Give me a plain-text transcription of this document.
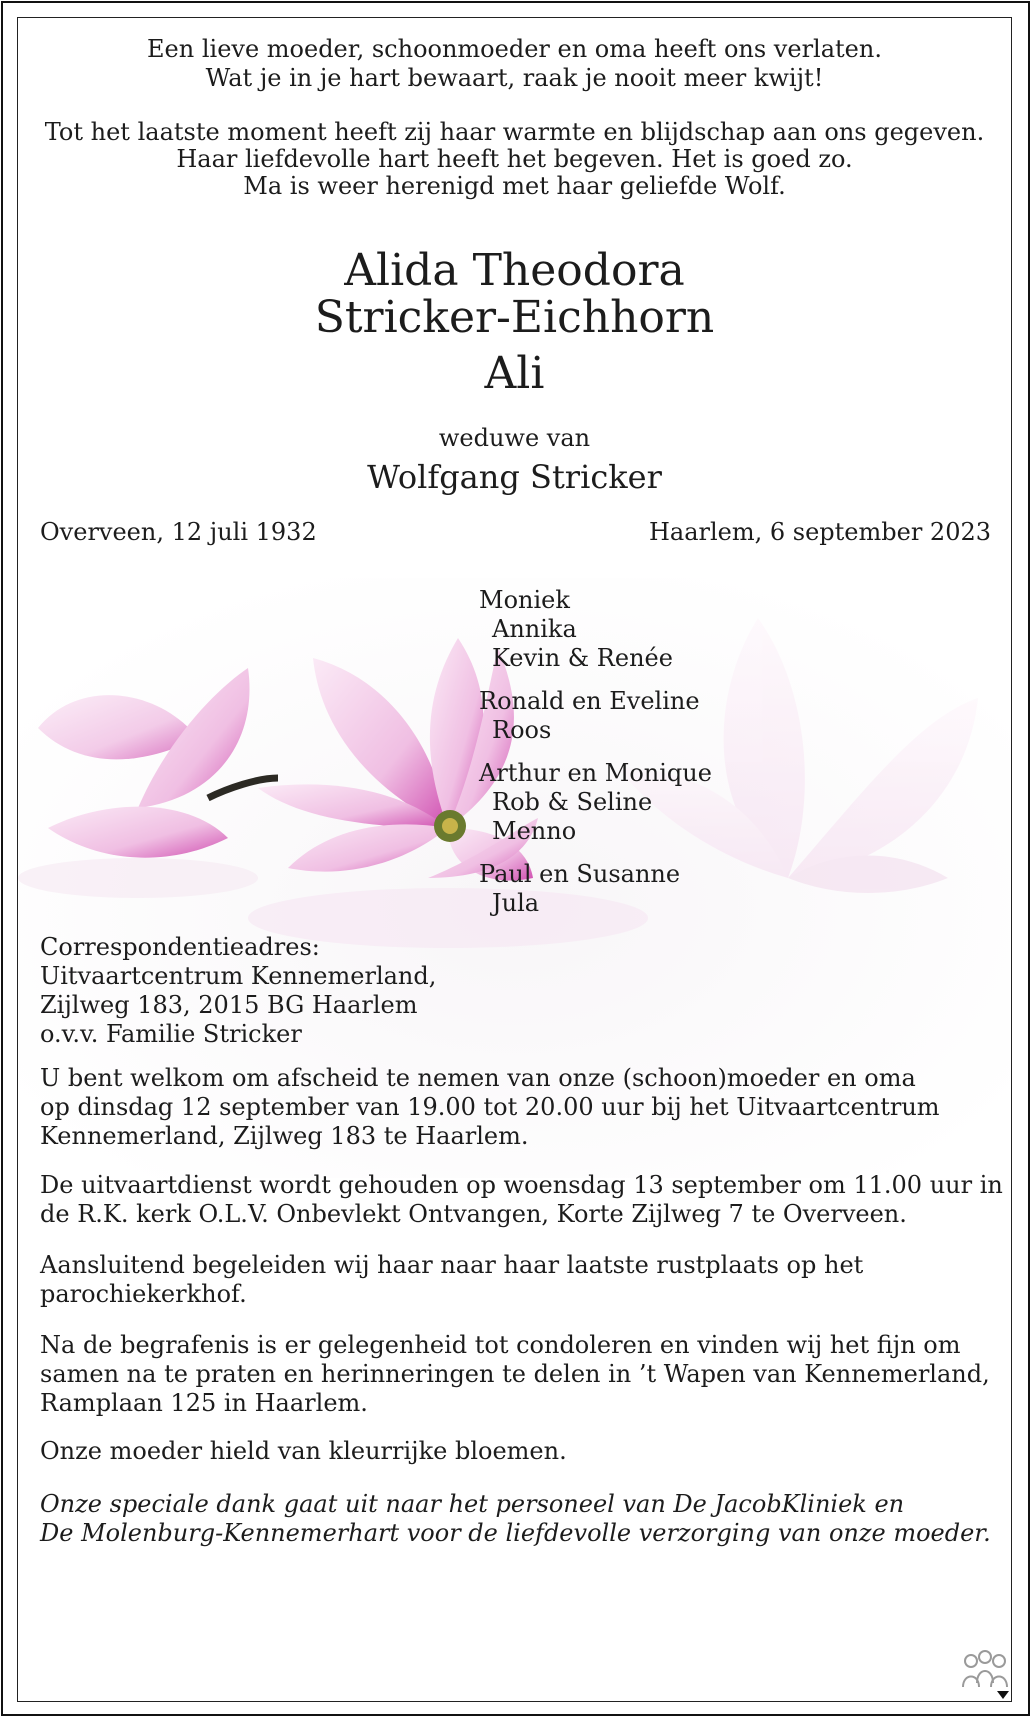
Een lieve moeder, schoonmoeder en oma heeft ons verlaten.
Wat je in je hart bewaart, raak je nooit meer kwijt!
Tot het laatste moment heeft zij haar warmte en blijdschap aan ons gegeven.
Haar liefdevolle hart heeft het begeven. Het is goed zo.
Ma is weer herenigd met haar geliefde Wolf.
Alida Theodora
Stricker-Eichhorn
Ali
weduwe van
Wolfgang Stricker
Overveen, 12 juli 1932	Haarlem, 6 september 2023
Moniek
Annika
Kevin & Renée
Ronald en Eveline
Roos
Arthur en Monique
Rob & Seline
Menno
Paul en Susanne
Jula
Correspondentieadres:
Uitvaartcentrum Kennemerland,
Zijlweg 183, 2015 BG Haarlem
o.v.v. Familie Stricker
U bent welkom om afscheid te nemen van onze (schoon)moeder en oma
op dinsdag 12 september van 19.00 tot 20.00 uur bij het Uitvaartcentrum
Kennemerland, Zijlweg 183 te Haarlem.
De uitvaartdienst wordt gehouden op woensdag 13 september om 11.00 uur in
de R.K. kerk O.L.V. Onbevlekt Ontvangen, Korte Zijlweg 7 te Overveen.
Aansluitend begeleiden wij haar naar haar laatste rustplaats op het
parochiekerkhof.
Na de begrafenis is er gelegenheid tot condoleren en vinden wij het fijn om
samen na te praten en herinneringen te delen in ’t Wapen van Kennemerland,
Ramplaan 125 in Haarlem.
Onze moeder hield van kleurrijke bloemen.
Onze speciale dank gaat uit naar het personeel van De JacobKliniek en
De Molenburg-Kennemerhart voor de liefdevolle verzorging van onze moeder.
